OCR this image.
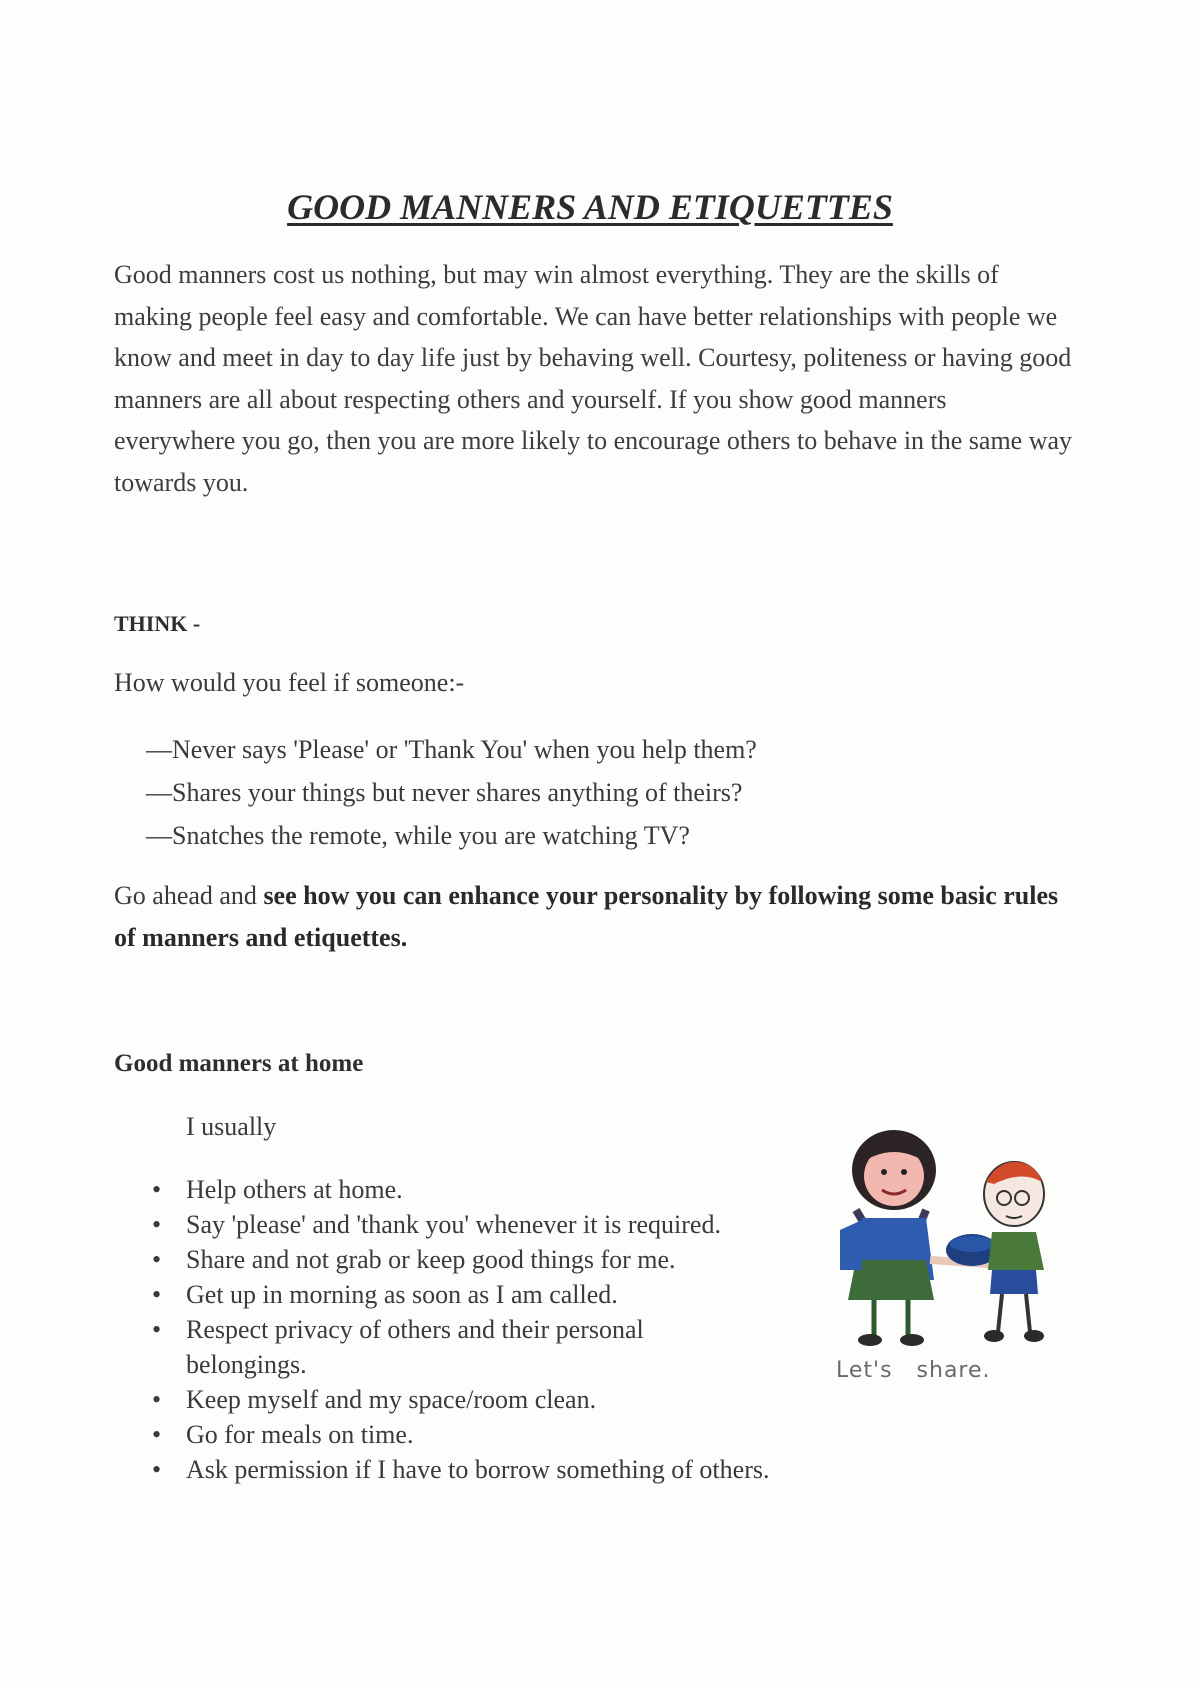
GOOD MANNERS AND ETIQUETTES

Good manners cost us nothing, but may win almost everything. They are the skills of making people feel easy and comfortable. We can have better relationships with people we know and meet in day to day life just by behaving well. Courtesy, politeness or having good manners are all about respecting others and yourself. If you show good manners everywhere you go, then you are more likely to encourage others to behave in the same way towards you.

THINK -

How would you feel if someone:-

— Never says 'Please' or 'Thank You' when you help them?
— Shares your things but never shares anything of theirs?
— Snatches the remote, while you are watching TV?

Go ahead and see how you can enhance your personality by following some basic rules of manners and etiquettes.

Good manners at home

I usually

• Help others at home.
• Say 'please' and 'thank you' whenever it is required.
• Share and not grab or keep good things for me.
• Get up in morning as soon as I am called.
• Respect privacy of others and their personal belongings.
• Keep myself and my space/room clean.
• Go for meals on time.
• Ask permission if I have to borrow something of others.

Let's share.
